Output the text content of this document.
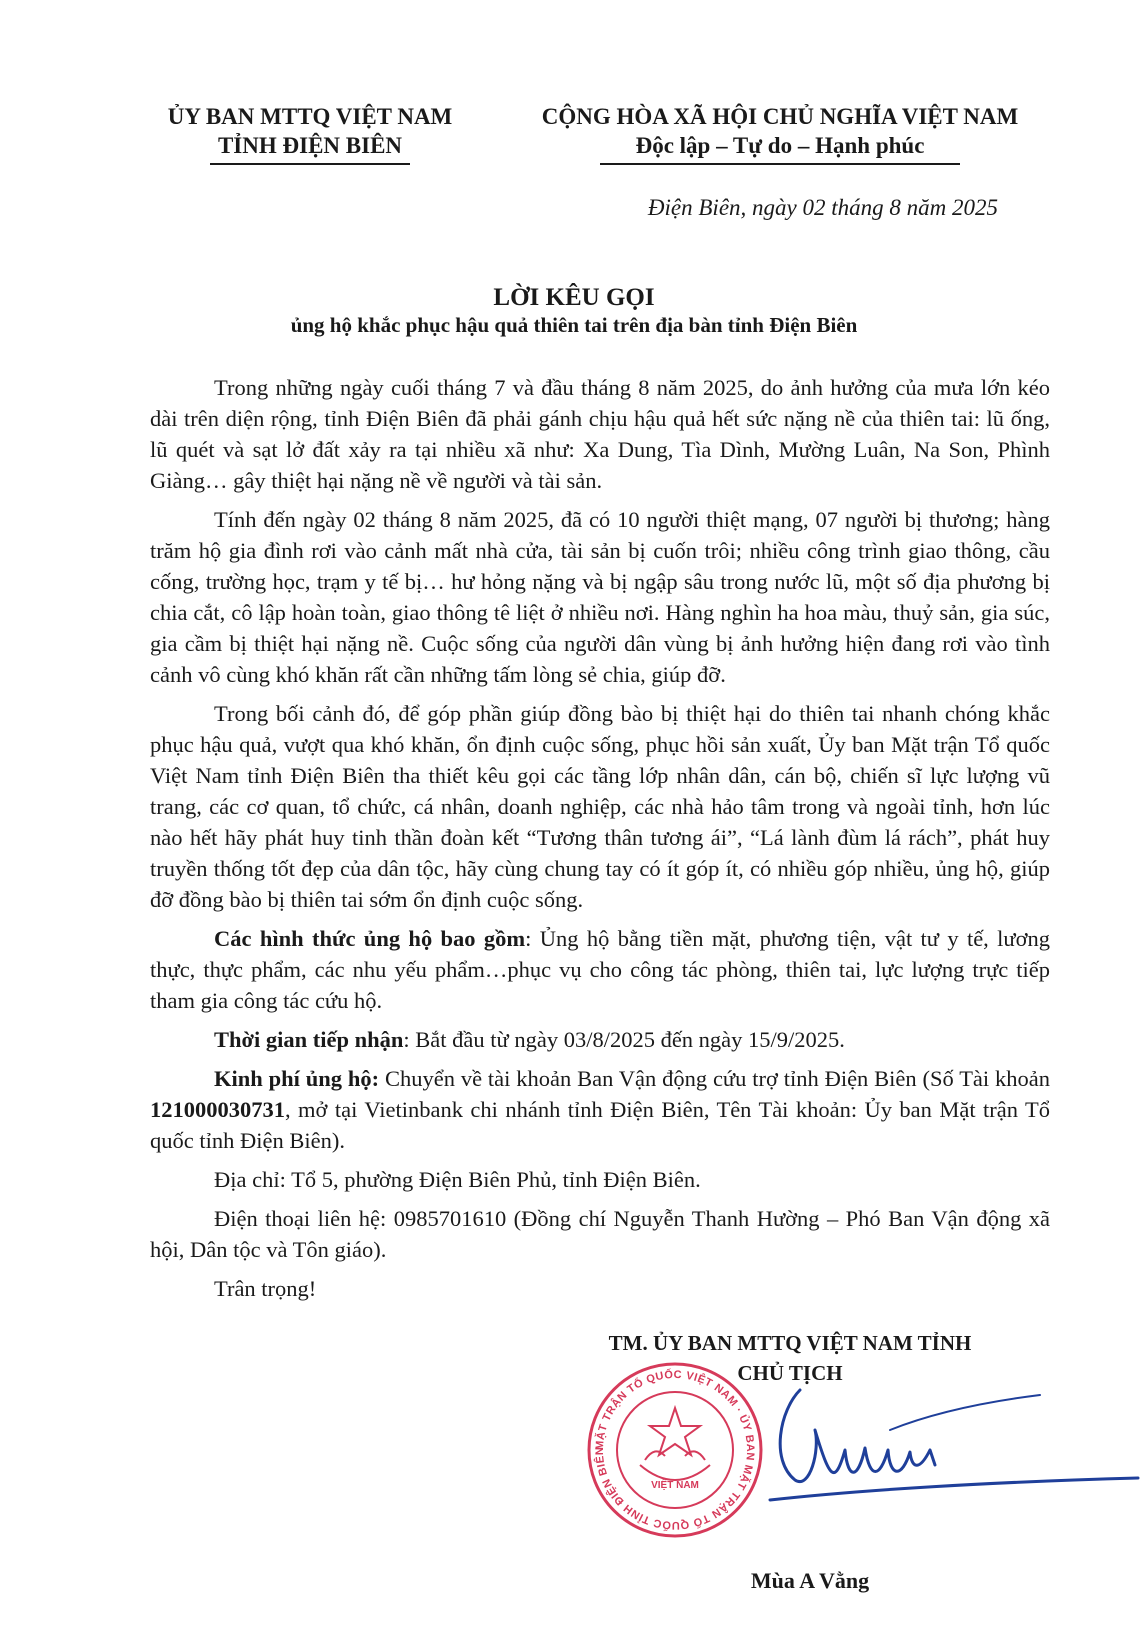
ỦY BAN MTTQ VIỆT NAM
TỈNH ĐIỆN BIÊN
CỘNG HÒA XÃ HỘI CHỦ NGHĨA VIỆT NAM
Độc lập – Tự do – Hạnh phúc
Điện Biên, ngày 02 tháng 8 năm 2025
LỜI KÊU GỌI
ủng hộ khắc phục hậu quả thiên tai trên địa bàn tỉnh Điện Biên

Trong những ngày cuối tháng 7 và đầu tháng 8 năm 2025, do ảnh hưởng của mưa lớn kéo dài trên diện rộng, tỉnh Điện Biên đã phải gánh chịu hậu quả hết sức nặng nề của thiên tai: lũ ống, lũ quét và sạt lở đất xảy ra tại nhiều xã như: Xa Dung, Tìa Dình, Mường Luân, Na Son, Phình Giàng… gây thiệt hại nặng nề về người và tài sản.

Tính đến ngày 02 tháng 8 năm 2025, đã có 10 người thiệt mạng, 07 người bị thương; hàng trăm hộ gia đình rơi vào cảnh mất nhà cửa, tài sản bị cuốn trôi; nhiều công trình giao thông, cầu cống, trường học, trạm y tế bị… hư hỏng nặng và bị ngập sâu trong nước lũ, một số địa phương bị chia cắt, cô lập hoàn toàn, giao thông tê liệt ở nhiều nơi. Hàng nghìn ha hoa màu, thuỷ sản, gia súc, gia cầm bị thiệt hại nặng nề. Cuộc sống của người dân vùng bị ảnh hưởng hiện đang rơi vào tình cảnh vô cùng khó khăn rất cần những tấm lòng sẻ chia, giúp đỡ.

Trong bối cảnh đó, để góp phần giúp đồng bào bị thiệt hại do thiên tai nhanh chóng khắc phục hậu quả, vượt qua khó khăn, ổn định cuộc sống, phục hồi sản xuất, Ủy ban Mặt trận Tổ quốc Việt Nam tỉnh Điện Biên tha thiết kêu gọi các tầng lớp nhân dân, cán bộ, chiến sĩ lực lượng vũ trang, các cơ quan, tổ chức, cá nhân, doanh nghiệp, các nhà hảo tâm trong và ngoài tỉnh, hơn lúc nào hết hãy phát huy tinh thần đoàn kết “Tương thân tương ái”, “Lá lành đùm lá rách”, phát huy truyền thống tốt đẹp của dân tộc, hãy cùng chung tay có ít góp ít, có nhiều góp nhiều, ủng hộ, giúp đỡ đồng bào bị thiên tai sớm ổn định cuộc sống.

Các hình thức ủng hộ bao gồm: Ủng hộ bằng tiền mặt, phương tiện, vật tư y tế, lương thực, thực phẩm, các nhu yếu phẩm…phục vụ cho công tác phòng, thiên tai, lực lượng trực tiếp tham gia công tác cứu hộ.

Thời gian tiếp nhận: Bắt đầu từ ngày 03/8/2025 đến ngày 15/9/2025.

Kinh phí ủng hộ: Chuyển về tài khoản Ban Vận động cứu trợ tỉnh Điện Biên (Số Tài khoản 121000030731, mở tại Vietinbank chi nhánh tỉnh Điện Biên, Tên Tài khoản: Ủy ban Mặt trận Tổ quốc tỉnh Điện Biên).

Địa chỉ: Tổ 5, phường Điện Biên Phủ, tỉnh Điện Biên.

Điện thoại liên hệ: 0985701610 (Đồng chí Nguyễn Thanh Hường – Phó Ban Vận động xã hội, Dân tộc và Tôn giáo).

Trân trọng!

TM. ỦY BAN MTTQ VIỆT NAM TỈNH
CHỦ TỊCH
MẶT TRẬN TỔ QUỐC VIỆT NAM · ỦY BAN MẶT TRẬN TỔ QUỐC TỈNH ĐIỆN BIÊN
VIỆT NAM
Mùa A Vằng
